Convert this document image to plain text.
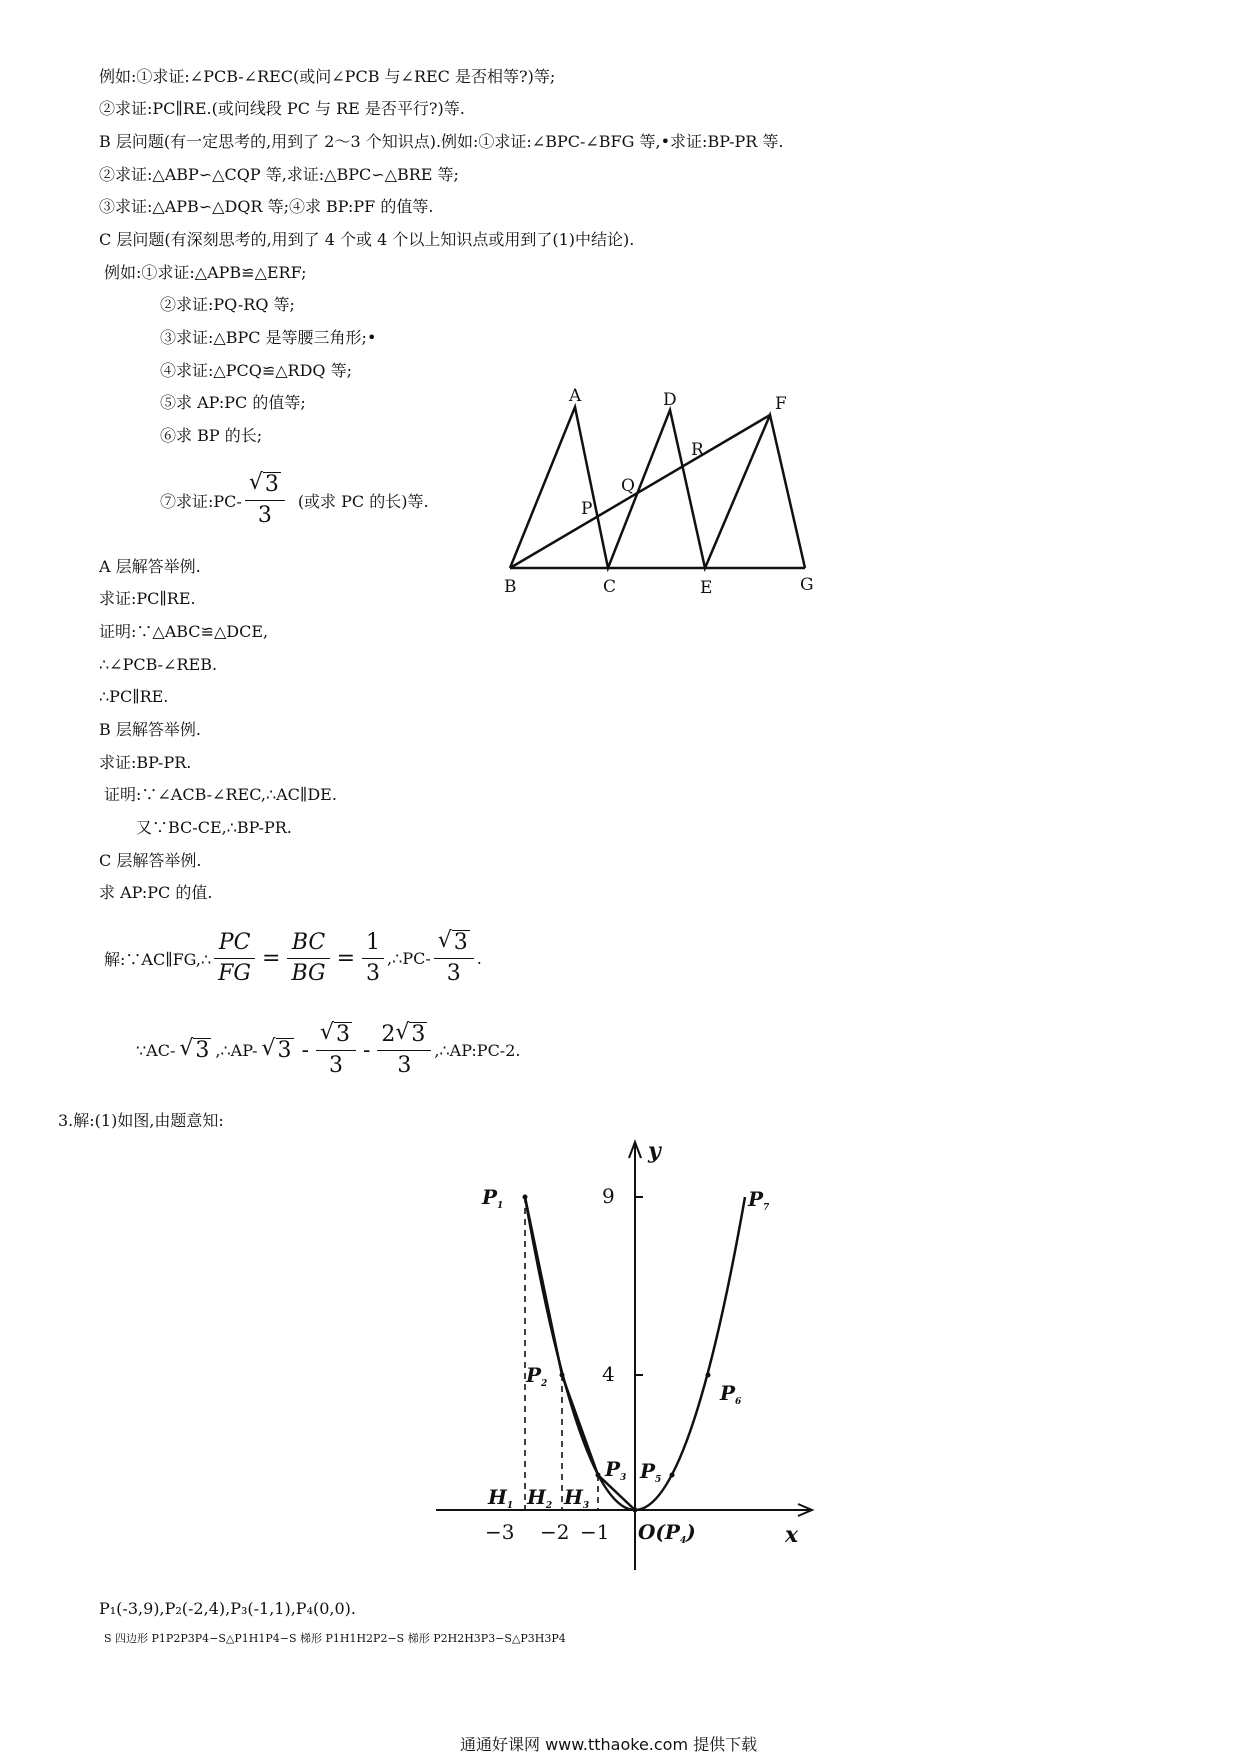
例如:①求证:∠PCB-∠REC(或问∠PCB 与∠REC 是否相等?)等;
②求证:PC∥RE.(或问线段 PC 与 RE 是否平行?)等.
B 层问题(有一定思考的,用到了 2～3 个知识点).例如:①求证:∠BPC-∠BFG 等,•求证:BP-PR 等.
②求证:△ABP∽△CQP 等,求证:△BPC∽△BRE 等;
③求证:△APB∽△DQR 等;④求 BP:PF 的值等.
C 层问题(有深刻思考的,用到了 4 个或 4 个以上知识点或用到了(1)中结论).
例如:①求证:△APB≌△ERF;
②求证:PQ-RQ 等;
③求证:△BPC 是等腰三角形;•
④求证:△PCQ≌△RDQ 等;
⑤求 AP:PC 的值等;
⑥求 BP 的长;
⑦求证:PC- $\frac{√ 3}{3}$ (或求 PC 的长)等.
A	D	F
R
Q
P
B	C	E	G
A 层解答举例.
求证:PC∥RE.
证明:∵△ABC≌△DCE,
∴∠PCB-∠REB.
∴PC∥RE.
B 层解答举例.
求证:BP-PR.
证明:∵∠ACB-∠REC,∴AC∥DE.
又∵BC-CE,∴BP-PR.
C 层解答举例.
求 AP:PC 的值.
解:∵AC∥FG,∴ $\frac{PC}{FG} = \frac{BC}{BG} = \frac{1}{3}$ ,∴PC- $\frac{√ 3}{3}$ .
∵AC- √ 3 ,∴AP- √ $3 - \frac{√ 3}{3} - \frac{2 √ 3}{3}$ ,∴AP:PC-2.
3.解:(1)如图,由题意知:
y
x
9
4
−3 −2 −1 $O(P_4)$
$P_1$
$P_2$
$P_3$ $P_5$
$P_6$
$P_7$
$H_1$ $H_2$ $H_3$
P₁(-3,9),P₂(-2,4),P₃(-1,1),P₄(0,0).
S 四边形 P1P2P3P4−S△P1H1P4−S 梯形 P1H1H2P2−S 梯形 P2H2H3P3−S△P3H3P4
通通好课网 www.tthaoke.com 提供下载
